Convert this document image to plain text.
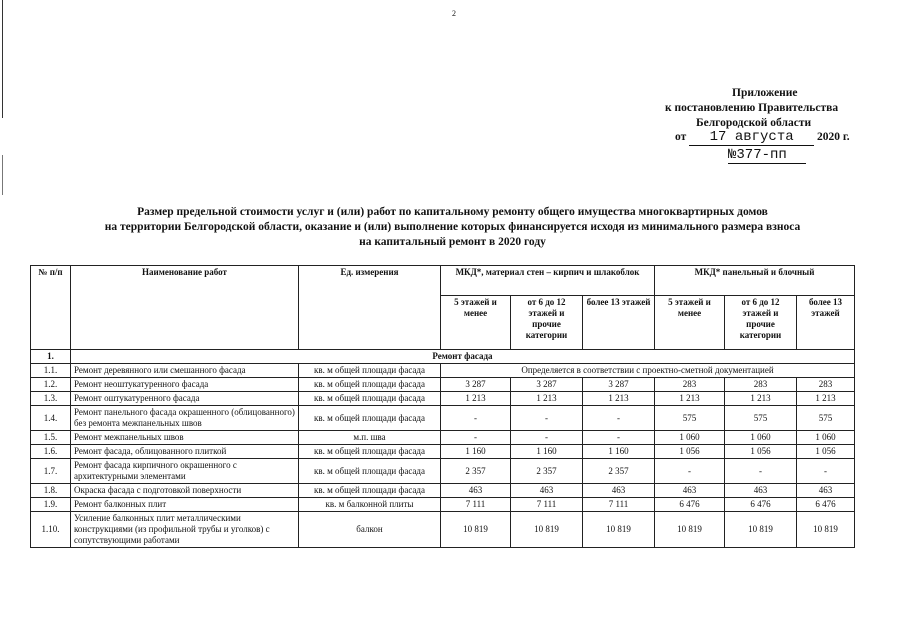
2
Приложение
к постановлению Правительства
Белгородской области
от 17 августа 2020 г.
№377-пп
Размер предельной стоимости услуг и (или) работ по капитальному ремонту общего имущества многоквартирных домов
на территории Белгородской области, оказание и (или) выполнение которых финансируется исходя из минимального размера взноса
на капитальный ремонт в 2020 году
№ п/п	Наименование работ	Ед. измерения	МКД*, материал стен – кирпич и шлакоблок			МКД* панельный и блочный		
			5 этажей и менее	от 6 до 12 этажей и прочие категории	более 13 этажей	5 этажей и менее	от 6 до 12 этажей и прочие категории	более 13 этажей
1.	Ремонт фасада							
1.1.	Ремонт деревянного или смешанного фасада	кв. м общей площади фасада	Определяется в соответствии с проектно-сметной документацией					
1.2.	Ремонт неоштукатуренного фасада	кв. м общей площади фасада	3 287	3 287	3 287	283	283	283
1.3.	Ремонт оштукатуренного фасада	кв. м общей площади фасада	1 213	1 213	1 213	1 213	1 213	1 213
1.4.	Ремонт панельного фасада окрашенного (облицованного) без ремонта межпанельных швов	кв. м общей площади фасада	-	-	-	575	575	575
1.5.	Ремонт межпанельных швов	м.п. шва	-	-	-	1 060	1 060	1 060
1.6.	Ремонт фасада, облицованного плиткой	кв. м общей площади фасада	1 160	1 160	1 160	1 056	1 056	1 056
1.7.	Ремонт фасада кирпичного окрашенного с архитектурными элементами	кв. м общей площади фасада	2 357	2 357	2 357	-	-	-
1.8.	Окраска фасада с подготовкой поверхности	кв. м общей площади фасада	463	463	463	463	463	463
1.9.	Ремонт балконных плит	кв. м балконной плиты	7 111	7 111	7 111	6 476	6 476	6 476
1.10.	Усиление балконных плит металлическими конструкциями (из профильной трубы и уголков) с сопутствующими работами	балкон	10 819	10 819	10 819	10 819	10 819	10 819
